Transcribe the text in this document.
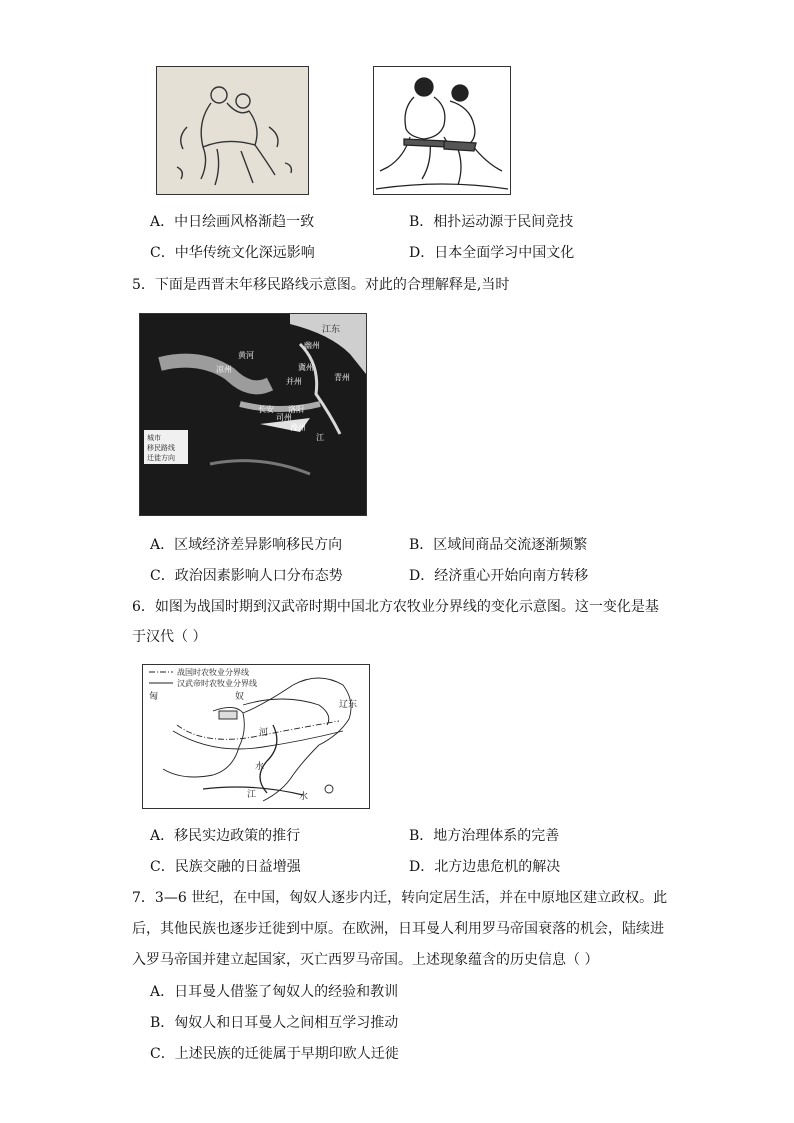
A．中日绘画风格渐趋一致	B．相扑运动源于民间竞技
C．中华传统文化深远影响	D．日本全面学习中国文化
5．下面是西晋末年移民路线示意图。对此的合理解释是,当时
江东
黄河
幽州
冀州
并州	青州
凉州
长安 洛阳
司州
豫州
江
城市
移民路线
迁徙方向
A．区域经济差异影响移民方向	B．区域间商品交流逐渐频繁
C．政治因素影响人口分布态势	D．经济重心开始向南方转移
6．如图为战国时期到汉武帝时期中国北方农牧业分界线的变化示意图。这一变化是基
于汉代（ ）
战国时农牧业分界线
汉武帝时农牧业分界线
匈	奴
辽东
河
水
江	水
A．移民实边政策的推行	B．地方治理体系的完善
C．民族交融的日益增强	D．北方边患危机的解决
7．3—6 世纪，在中国，匈奴人逐步内迁，转向定居生活，并在中原地区建立政权。此
后，其他民族也逐步迁徙到中原。在欧洲，日耳曼人利用罗马帝国衰落的机会，陆续进
入罗马帝国并建立起国家，灭亡西罗马帝国。上述现象蕴含的历史信息（ ）
A．日耳曼人借鉴了匈奴人的经验和教训
B．匈奴人和日耳曼人之间相互学习推动
C．上述民族的迁徙属于早期印欧人迁徙
